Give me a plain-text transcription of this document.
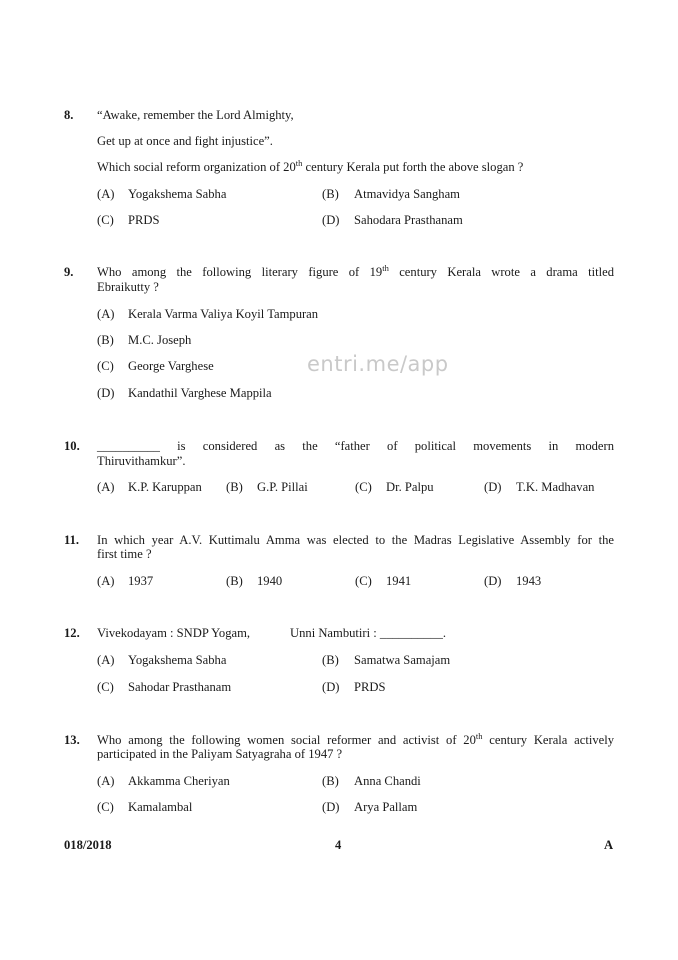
entri.me/app
8. “Awake, remember the Lord Almighty,
Get up at once and fight injustice”.
Which social reform organization of 20th century Kerala put forth the above slogan ?
(A) Yogakshema Sabha	(B) Atmavidya Sangham
(C) PRDS	(D) Sahodara Prasthanam
9. Who among the following literary figure of 19th century Kerala wrote a drama titled
Ebraikutty ?
(A) Kerala Varma Valiya Koyil Tampuran
(B) M.C. Joseph
(C) George Varghese
(D) Kandathil Varghese Mappila
10. __________ is considered as the “father of political movements in modern
Thiruvithamkur”.
(A) K.P. Karuppan (B) G.P. Pillai	(C) Dr. Palpu	(D) T.K. Madhavan
11. In which year A.V. Kuttimalu Amma was elected to the Madras Legislative Assembly for the
first time ?
(A) 1937	(B) 1940	(C) 1941	(D) 1943
12. Vivekodayam : SNDP Yogam,	Unni Nambutiri : __________.
(A) Yogakshema Sabha	(B) Samatwa Samajam
(C) Sahodar Prasthanam	(D) PRDS
13. Who among the following women social reformer and activist of 20th century Kerala actively
participated in the Paliyam Satyagraha of 1947 ?
(A) Akkamma Cheriyan	(B) Anna Chandi
(C) Kamalambal	(D) Arya Pallam
018/2018	4	A
